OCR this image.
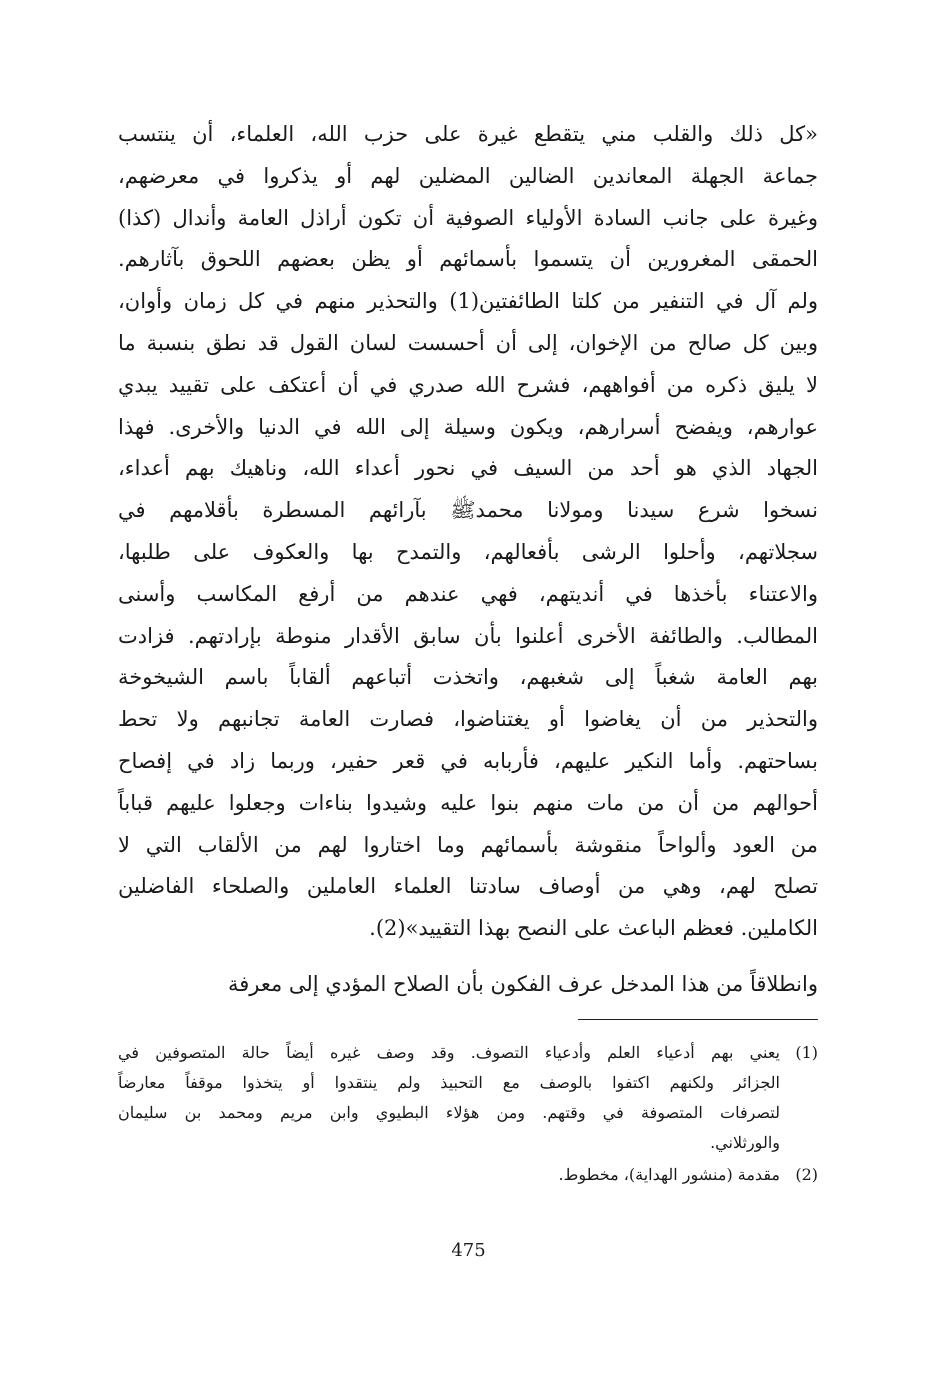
«كل ذلك والقلب مني يتقطع غيرة على حزب الله، العلماء، أن ينتسب
جماعة الجهلة المعاندين الضالين المضلين لهم أو يذكروا في معرضهم،
وغيرة على جانب السادة الأولياء الصوفية أن تكون أراذل العامة وأندال (كذا)
الحمقى المغرورين أن يتسموا بأسمائهم أو يظن بعضهم اللحوق بآثارهم.
ولم آل في التنفير من كلتا الطائفتين(1) والتحذير منهم في كل زمان وأوان،
وبين كل صالح من الإخوان، إلى أن أحسست لسان القول قد نطق بنسبة ما
لا يليق ذكره من أفواههم، فشرح الله صدري في أن أعتكف على تقييد يبدي
عوارهم، ويفضح أسرارهم، ويكون وسيلة إلى الله في الدنيا والأخرى. فهذا
الجهاد الذي هو أحد من السيف في نحور أعداء الله، وناهيك بهم أعداء،
نسخوا شرع سيدنا ومولانا محمدﷺ بآرائهم المسطرة بأقلامهم في
سجلاتهم، وأحلوا الرشى بأفعالهم، والتمدح بها والعكوف على طلبها،
والاعتناء بأخذها في أنديتهم، فهي عندهم من أرفع المكاسب وأسنى
المطالب. والطائفة الأخرى أعلنوا بأن سابق الأقدار منوطة بإرادتهم. فزادت
بهم العامة شغباً إلى شغبهم، واتخذت أتباعهم ألقاباً باسم الشيخوخة
والتحذير من أن يغاضوا أو يغتناضوا، فصارت العامة تجانبهم ولا تحط
بساحتهم. وأما النكير عليهم، فأربابه في قعر حفير، وربما زاد في إفصاح
أحوالهم من أن من مات منهم بنوا عليه وشيدوا بناءات وجعلوا عليهم قباباً
من العود وألواحاً منقوشة بأسمائهم وما اختاروا لهم من الألقاب التي لا
تصلح لهم، وهي من أوصاف سادتنا العلماء العاملين والصلحاء الفاضلين
الكاملين. فعظم الباعث على النصح بهذا التقييد»(2).
وانطلاقاً من هذا المدخل عرف الفكون بأن الصلاح المؤدي إلى معرفة
(1)
يعني بهم أدعياء العلم وأدعياء التصوف. وقد وصف غيره أيضاً حالة المتصوفين في
الجزائر ولكنهم اكتفوا بالوصف مع التحبيذ ولم ينتقدوا أو يتخذوا موقفاً معارضاً
لتصرفات المتصوفة في وقتهم. ومن هؤلاء البطيوي وابن مريم ومحمد بن سليمان
والورثلاني.
(2)
مقدمة (منشور الهداية)، مخطوط.
475
